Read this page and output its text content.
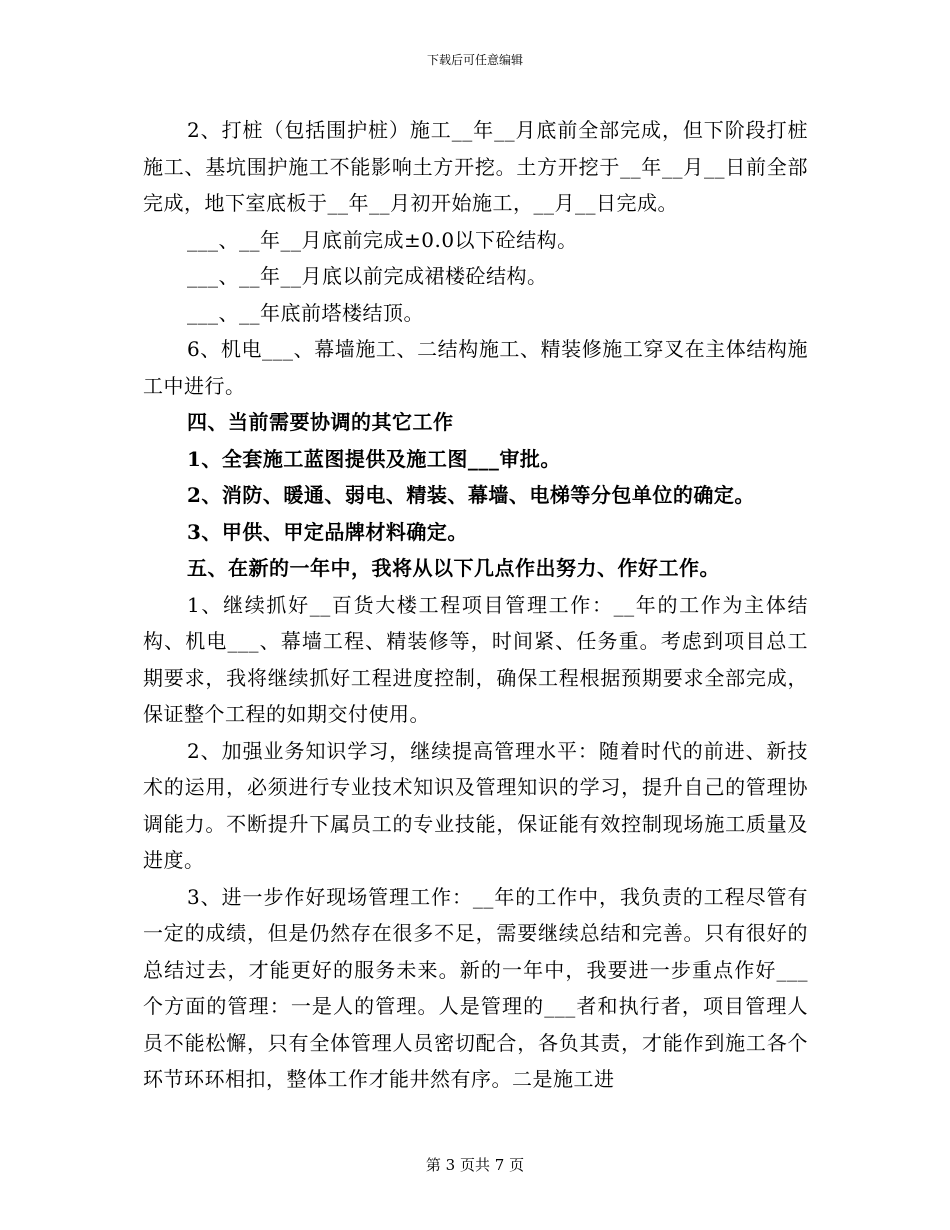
下载后可任意编辑

2、打桩（包括围护桩）施工__年__月底前全部完成，但下阶段打桩施工、基坑围护施工不能影响土方开挖。土方开挖于__年__月__日前全部完成，地下室底板于__年__月初开始施工，__月__日完成。

___、__年__月底前完成±0.0以下砼结构。

___、__年__月底以前完成裙楼砼结构。

___、__年底前塔楼结顶。

6、机电___、幕墙施工、二结构施工、精装修施工穿叉在主体结构施工中进行。

四、当前需要协调的其它工作

1、全套施工蓝图提供及施工图___审批。

2、消防、暖通、弱电、精装、幕墙、电梯等分包单位的确定。

3、甲供、甲定品牌材料确定。

五、在新的一年中，我将从以下几点作出努力、作好工作。

1、继续抓好__百货大楼工程项目管理工作：__年的工作为主体结构、机电___、幕墙工程、精装修等，时间紧、任务重。考虑到项目总工期要求，我将继续抓好工程进度控制，确保工程根据预期要求全部完成，保证整个工程的如期交付使用。

2、加强业务知识学习，继续提高管理水平：随着时代的前进、新技术的运用，必须进行专业技术知识及管理知识的学习，提升自己的管理协调能力。不断提升下属员工的专业技能，保证能有效控制现场施工质量及进度。

3、进一步作好现场管理工作：__年的工作中，我负责的工程尽管有一定的成绩，但是仍然存在很多不足，需要继续总结和完善。只有很好的总结过去，才能更好的服务未来。新的一年中，我要进一步重点作好___个方面的管理：一是人的管理。人是管理的___者和执行者，项目管理人员不能松懈，只有全体管理人员密切配合，各负其责，才能作到施工各个环节环环相扣，整体工作才能井然有序。二是施工进

第 3 页共 7 页
